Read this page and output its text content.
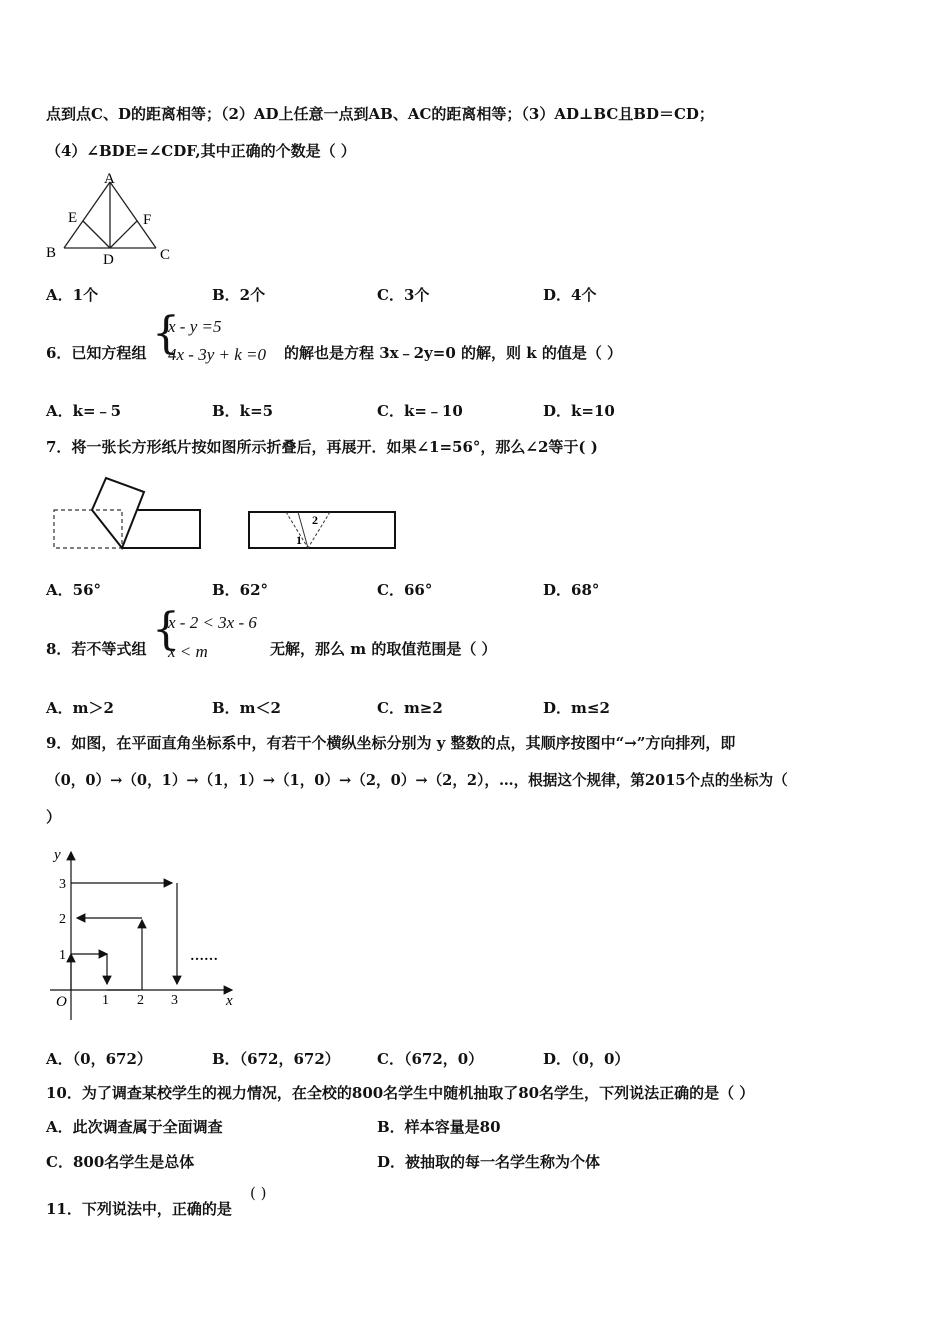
点到点C、D的距离相等；（2）AD上任意一点到AB、AC的距离相等；（3）AD⊥BC且BD＝CD；
（4）∠BDE=∠CDF,其中正确的个数是（ ）
A
E	F
B	D	C
A．1个	B．2个	C．3个	D．4个
6．已知方程组 {
x - y =5
4x - 3y + k =0 的解也是方程 3x﹣2y=0 的解，则 k 的值是（ ）
A．k=﹣5	B．k=5	C．k=﹣10	D．k=10
7．将一张长方形纸片按如图所示折叠后，再展开．如果∠1=56°，那么∠2等于( )
2
1
A．56°	B．62°	C．66°	D．68°
8．若不等式组 {
x - 2 < 3x - 6
x < m	无解，那么 m 的取值范围是（ ）
A．m＞2	B．m＜2	C．m≥2	D．m≤2
9．如图，在平面直角坐标系中，有若干个横纵坐标分别为 y 整数的点，其顺序按图中“→”方向排列，即
（0，0）→（0，1）→（1，1）→（1，0）→（2，0）→（2，2），…，根据这个规律，第2015个点的坐标为（
）
y
x
O
1
2
3
1 2 3
……
A．（0，672）	B．（672，672） C．（672，0）	D．（0，0）
10．为了调查某校学生的视力情况，在全校的800名学生中随机抽取了80名学生，下列说法正确的是（ ）
A．此次调查属于全面调查	B．样本容量是80
C．800名学生是总体	D．被抽取的每一名学生称为个体
11．下列说法中，正确的是
( )
